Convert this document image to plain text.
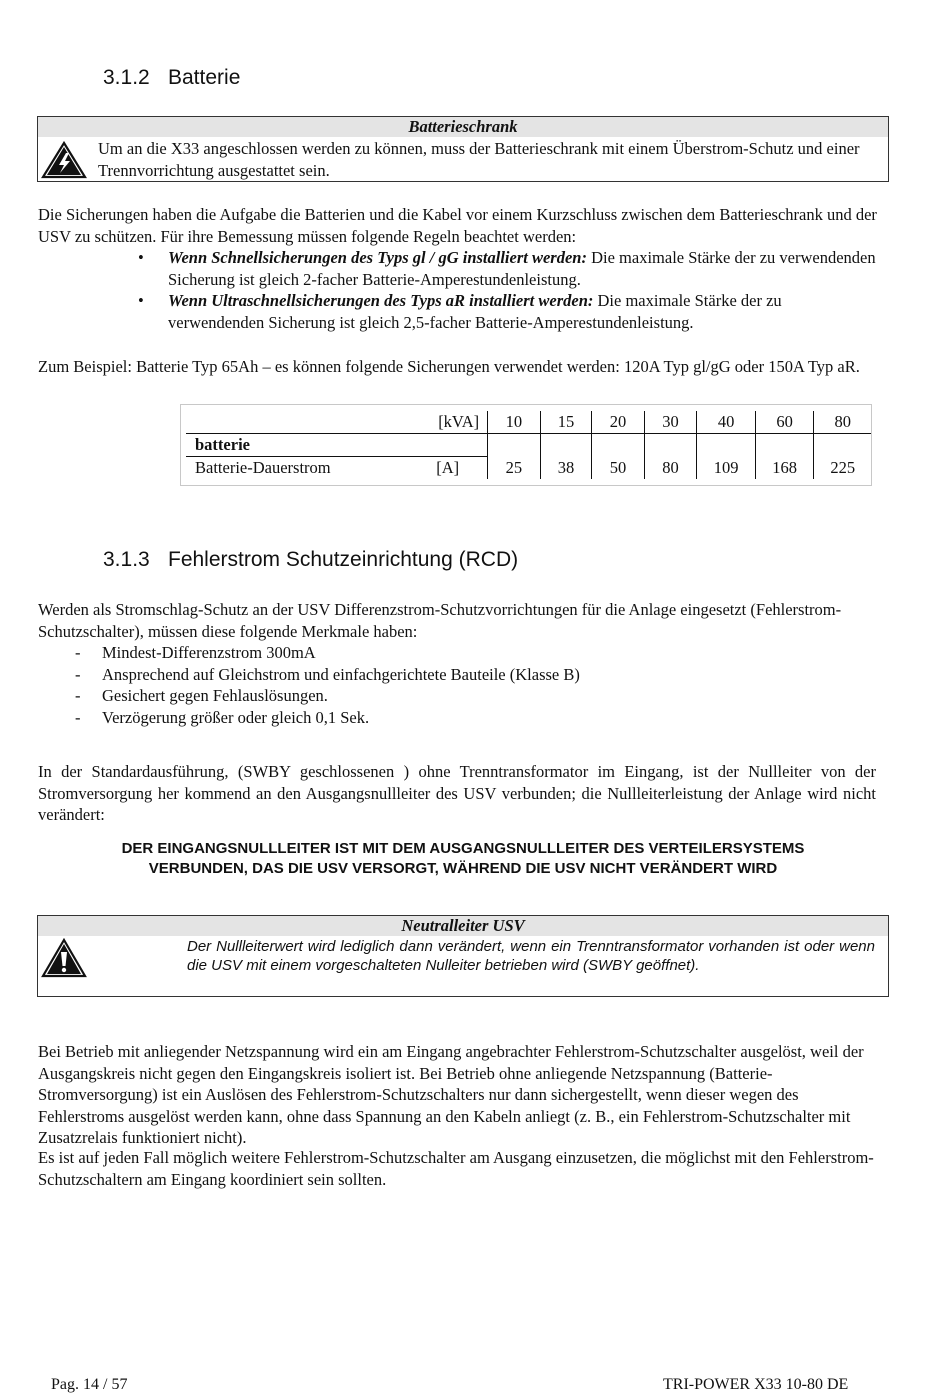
3.1.2 Batterie
Batterieschrank

Um an die X33 angeschlossen werden zu können, muss der Batterieschrank mit einem Überstrom-Schutz und einer Trennvorrichtung ausgestattet sein.

Die Sicherungen haben die Aufgabe die Batterien und die Kabel vor einem Kurzschluss zwischen dem Batterieschrank und der USV zu schützen. Für ihre Bemessung müssen folgende Regeln beachtet werden:

• Wenn Schnellsicherungen des Typs gl / gG installiert werden: Die maximale Stärke der zu verwendenden Sicherung ist gleich 2-facher Batterie-Amperestundenleistung.
• Wenn Ultraschnellsicherungen des Typs aR installiert werden: Die maximale Stärke der zu verwendenden Sicherung ist gleich 2,5-facher Batterie-Amperestundenleistung.

Zum Beispiel: Batterie Typ 65Ah – es können folgende Sicherungen verwendet werden: 120A Typ gl/gG oder 150A Typ aR.

[kVA]	10	15	20	30	40	60	80
batterie							
Batterie-Dauerstrom [A]	25	38	50	80	109	168	225
3.1.3 Fehlerstrom Schutzeinrichtung (RCD)

Werden als Stromschlag-Schutz an der USV Differenzstrom-Schutzvorrichtungen für die Anlage eingesetzt (Fehlerstrom-Schutzschalter), müssen diese folgende Merkmale haben:

- Mindest-Differenzstrom 300mA
- Ansprechend auf Gleichstrom und einfachgerichtete Bauteile (Klasse B)
- Gesichert gegen Fehlauslösungen.
- Verzögerung größer oder gleich 0,1 Sek.

In der Standardausführung, (SWBY geschlossenen ) ohne Trenntransformator im Eingang, ist der Nullleiter von der Stromversorgung her kommend an den Ausgangsnullleiter des USV verbunden; die Nullleiterleistung der Anlage wird nicht verändert:

DER EINGANGSNULLLEITER IST MIT DEM AUSGANGSNULLLEITER DES VERTEILERSYSTEMS
VERBUNDEN, DAS DIE USV VERSORGT, WÄHREND DIE USV NICHT VERÄNDERT WIRD
Neutralleiter USV

Der Nullleiterwert wird lediglich dann verändert, wenn ein Trenntransformator vorhanden ist oder wenn die USV mit einem vorgeschalteten Nulleiter betrieben wird (SWBY geöffnet).

Bei Betrieb mit anliegender Netzspannung wird ein am Eingang angebrachter Fehlerstrom-Schutzschalter ausgelöst, weil der Ausgangskreis nicht gegen den Eingangskreis isoliert ist. Bei Betrieb ohne anliegende Netzspannung (Batterie-Stromversorgung) ist ein Auslösen des Fehlerstrom-Schutzschalters nur dann sichergestellt, wenn dieser wegen des Fehlerstroms ausgelöst werden kann, ohne dass Spannung an den Kabeln anliegt (z. B., ein Fehlerstrom-Schutzschalter mit Zusatzrelais funktioniert nicht).

Es ist auf jeden Fall möglich weitere Fehlerstrom-Schutzschalter am Ausgang einzusetzen, die möglichst mit den Fehlerstrom-Schutzschaltern am Eingang koordiniert sein sollten.

Pag. 14 / 57	TRI-POWER X33 10-80 DE
